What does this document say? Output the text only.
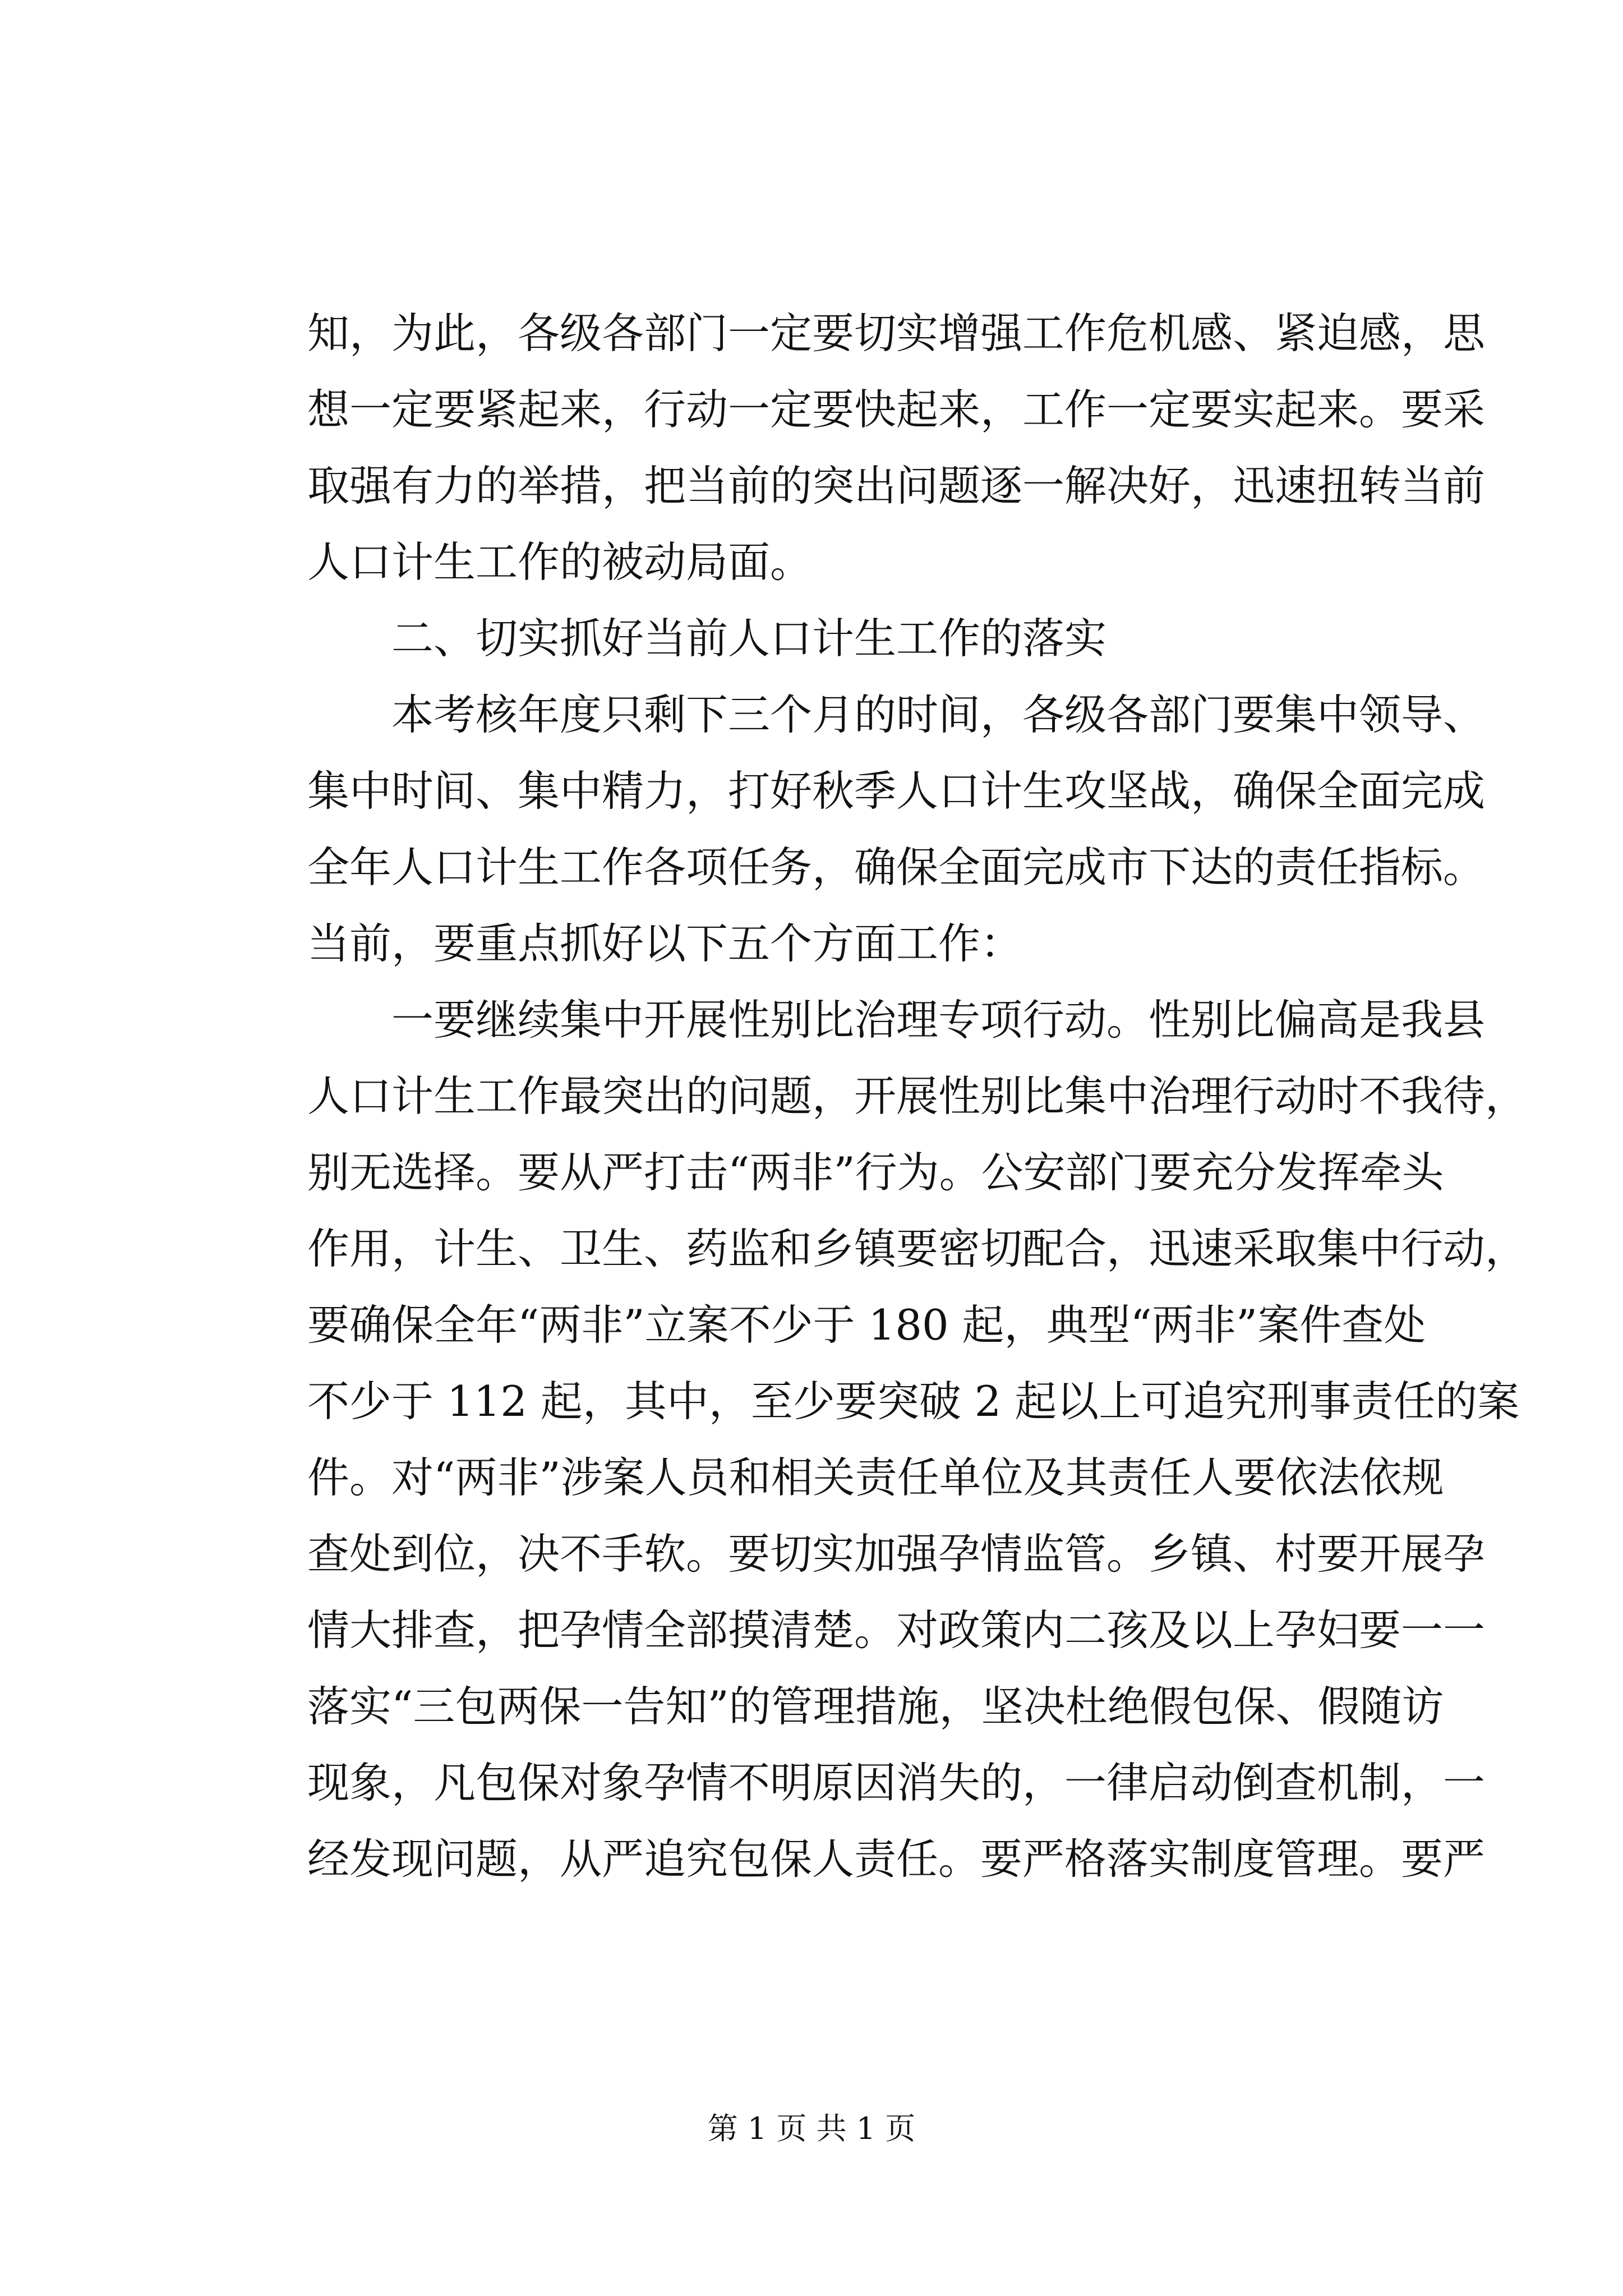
知，为此，各级各部门一定要切实增强工作危机感、紧迫感，思
想一定要紧起来，行动一定要快起来，工作一定要实起来。要采
取强有力的举措，把当前的突出问题逐一解决好，迅速扭转当前
人口计生工作的被动局面。
二、切实抓好当前人口计生工作的落实
本考核年度只剩下三个月的时间，各级各部门要集中领导、
集中时间、集中精力，打好秋季人口计生攻坚战，确保全面完成
全年人口计生工作各项任务，确保全面完成市下达的责任指标。
当前，要重点抓好以下五个方面工作：
一要继续集中开展性别比治理专项行动。性别比偏高是我县
人口计生工作最突出的问题，开展性别比集中治理行动时不我待，
别无选择。要从严打击“两非”行为。公安部门要充分发挥牵头
作用，计生、卫生、药监和乡镇要密切配合，迅速采取集中行动，
要确保全年“两非”立案不少于 180 起，典型“两非”案件查处
不少于 112 起，其中，至少要突破 2 起以上可追究刑事责任的案
件。对“两非”涉案人员和相关责任单位及其责任人要依法依规
查处到位，决不手软。要切实加强孕情监管。乡镇、村要开展孕
情大排查，把孕情全部摸清楚。对政策内二孩及以上孕妇要一一
落实“三包两保一告知”的管理措施，坚决杜绝假包保、假随访
现象，凡包保对象孕情不明原因消失的，一律启动倒查机制，一
经发现问题，从严追究包保人责任。要严格落实制度管理。要严
第 1 页 共 1 页
